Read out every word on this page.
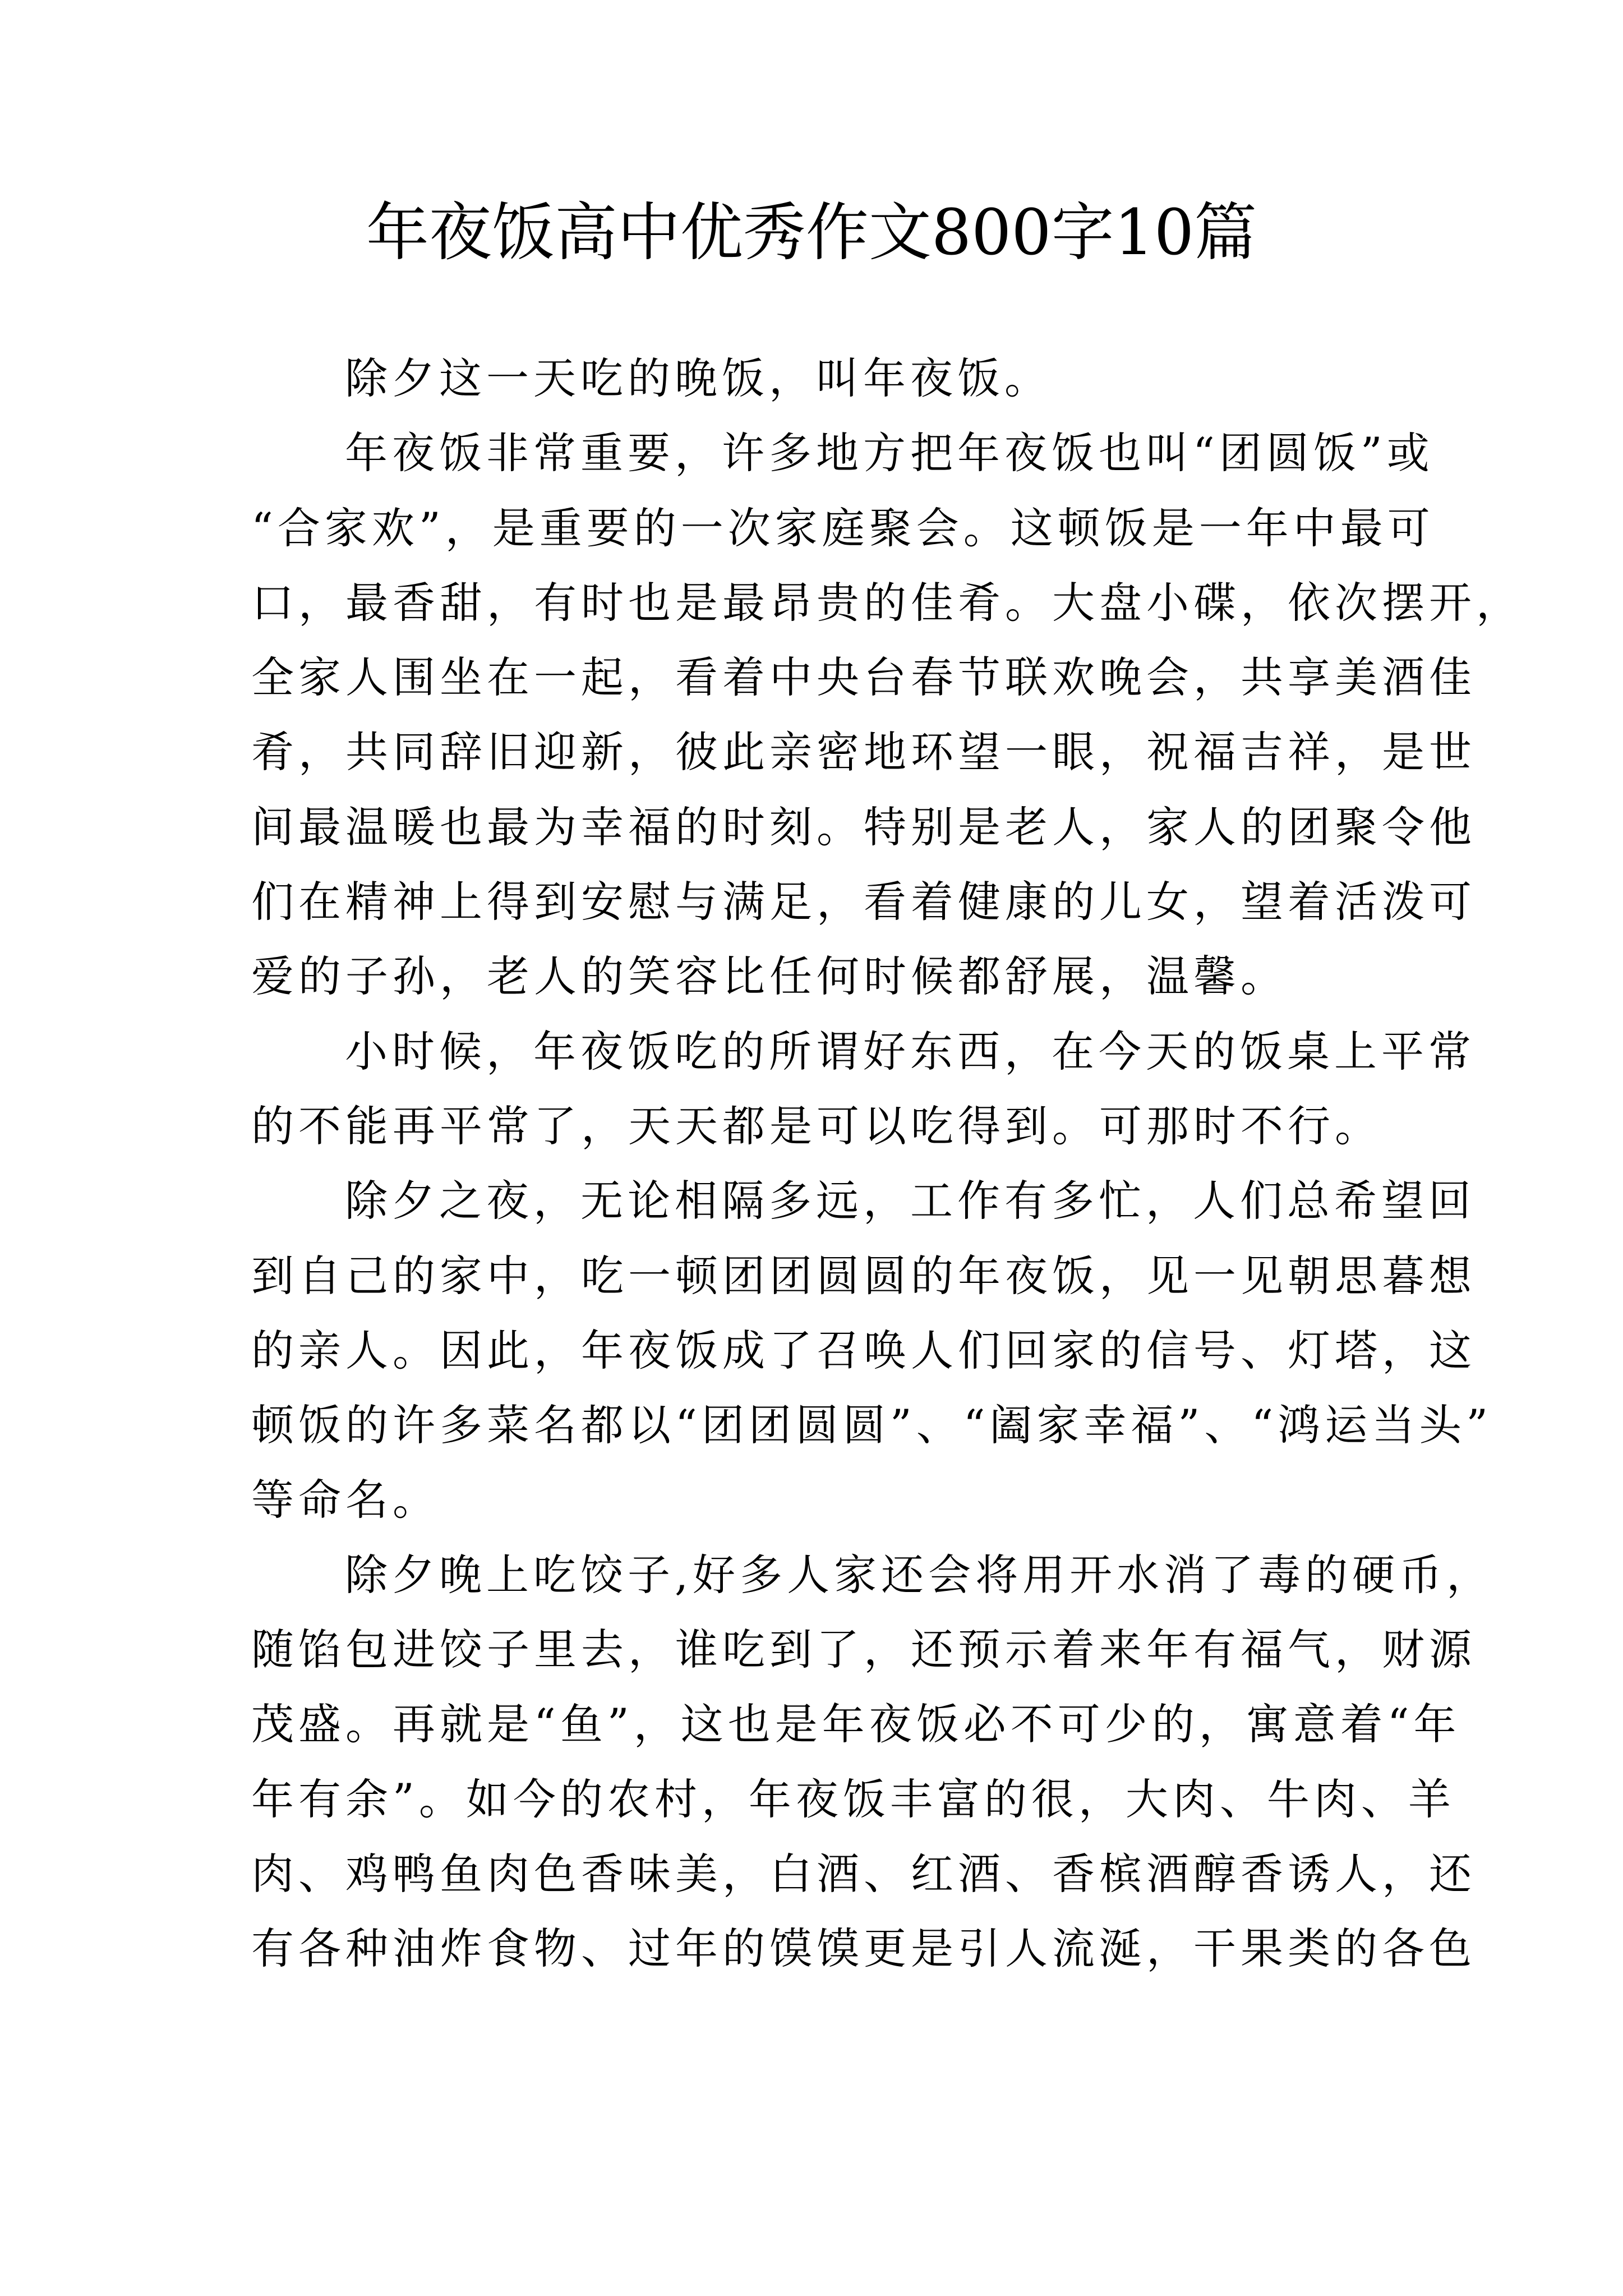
年夜饭高中优秀作文800字10篇
除夕这一天吃的晚饭，叫年夜饭。
年夜饭非常重要，许多地方把年夜饭也叫“团圆饭”或
“合家欢”，是重要的一次家庭聚会。这顿饭是一年中最可
口，最香甜，有时也是最昂贵的佳肴。大盘小碟，依次摆开，
全家人围坐在一起，看着中央台春节联欢晚会，共享美酒佳
肴，共同辞旧迎新，彼此亲密地环望一眼，祝福吉祥，是世
间最温暖也最为幸福的时刻。特别是老人，家人的团聚令他
们在精神上得到安慰与满足，看着健康的儿女，望着活泼可
爱的子孙，老人的笑容比任何时候都舒展，温馨。
小时候，年夜饭吃的所谓好东西，在今天的饭桌上平常
的不能再平常了，天天都是可以吃得到。可那时不行。
除夕之夜，无论相隔多远，工作有多忙，人们总希望回
到自己的家中，吃一顿团团圆圆的年夜饭，见一见朝思暮想
的亲人。因此，年夜饭成了召唤人们回家的信号、灯塔，这
顿饭的许多菜名都以“团团圆圆”、“阖家幸福”、“鸿运当头”
等命名。
除夕晚上吃饺子,好多人家还会将用开水消了毒的硬币，
随馅包进饺子里去，谁吃到了，还预示着来年有福气，财源
茂盛。再就是“鱼”，这也是年夜饭必不可少的，寓意着“年
年有余”。如今的农村，年夜饭丰富的很，大肉、牛肉、羊
肉、鸡鸭鱼肉色香味美，白酒、红酒、香槟酒醇香诱人，还
有各种油炸食物、过年的馍馍更是引人流涎，干果类的各色
